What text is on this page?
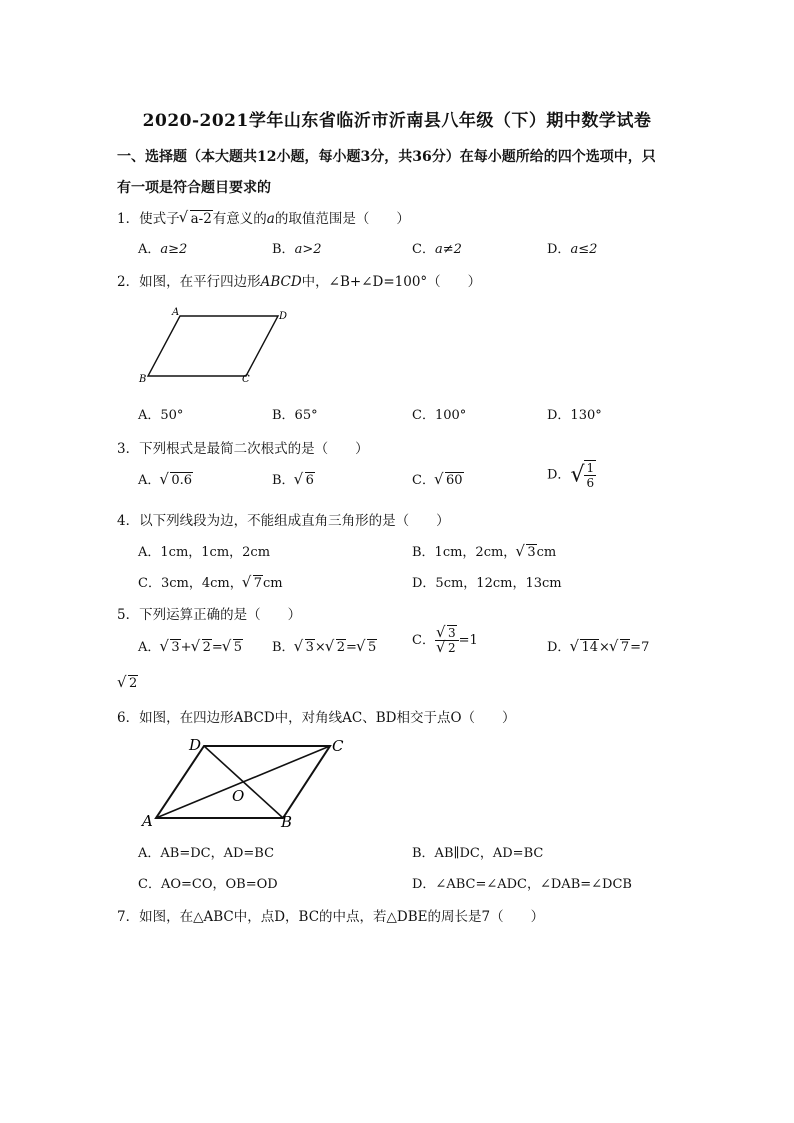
2020-2021学年山东省临沂市沂南县八年级（下）期中数学试卷
一、选择题（本大题共12小题，每小题3分，共36分）在每小题所给的四个选项中，只
有一项是符合题目要求的
1．使式子 √ a-2有意义的a的取值范围是（　　）
A．a≥2	B．a>2	C．a≠2	D．a≤2
2．如图，在平行四边形ABCD中，∠B+∠D=100°（　　）
A	D
B	C
A．50°	B．65°	C．100°	D．130°
3．下列根式是最简二次根式的是（　　）
A． √ 0.6	B． √ 6	C． √ 60	D．√ $\frac{1}{6}$
4．以下列线段为边，不能组成直角三角形的是（　　）
A．1cm，1cm，2cm	B．1cm，2cm， √ 3cm
C．3cm，4cm， √ 7cm	D．5cm，12cm，13cm
5．下列运算正确的是（　　）
A． √ 3+ √ 2= √ 5 B． √ 3× √ 2= √ 5	C． √ 3
√ 2 =1	D． √ 14× √ 7=7
√ 2
6．如图，在四边形ABCD中，对角线AC、BD相交于点O（　　）
D	C
A	B
O
A．AB=DC，AD=BC	B．AB∥DC，AD=BC
C．AO=CO，OB=OD	D．∠ABC=∠ADC，∠DAB=∠DCB
7．如图，在△ABC中，点D，BC的中点，若△DBE的周长是7（　　）
